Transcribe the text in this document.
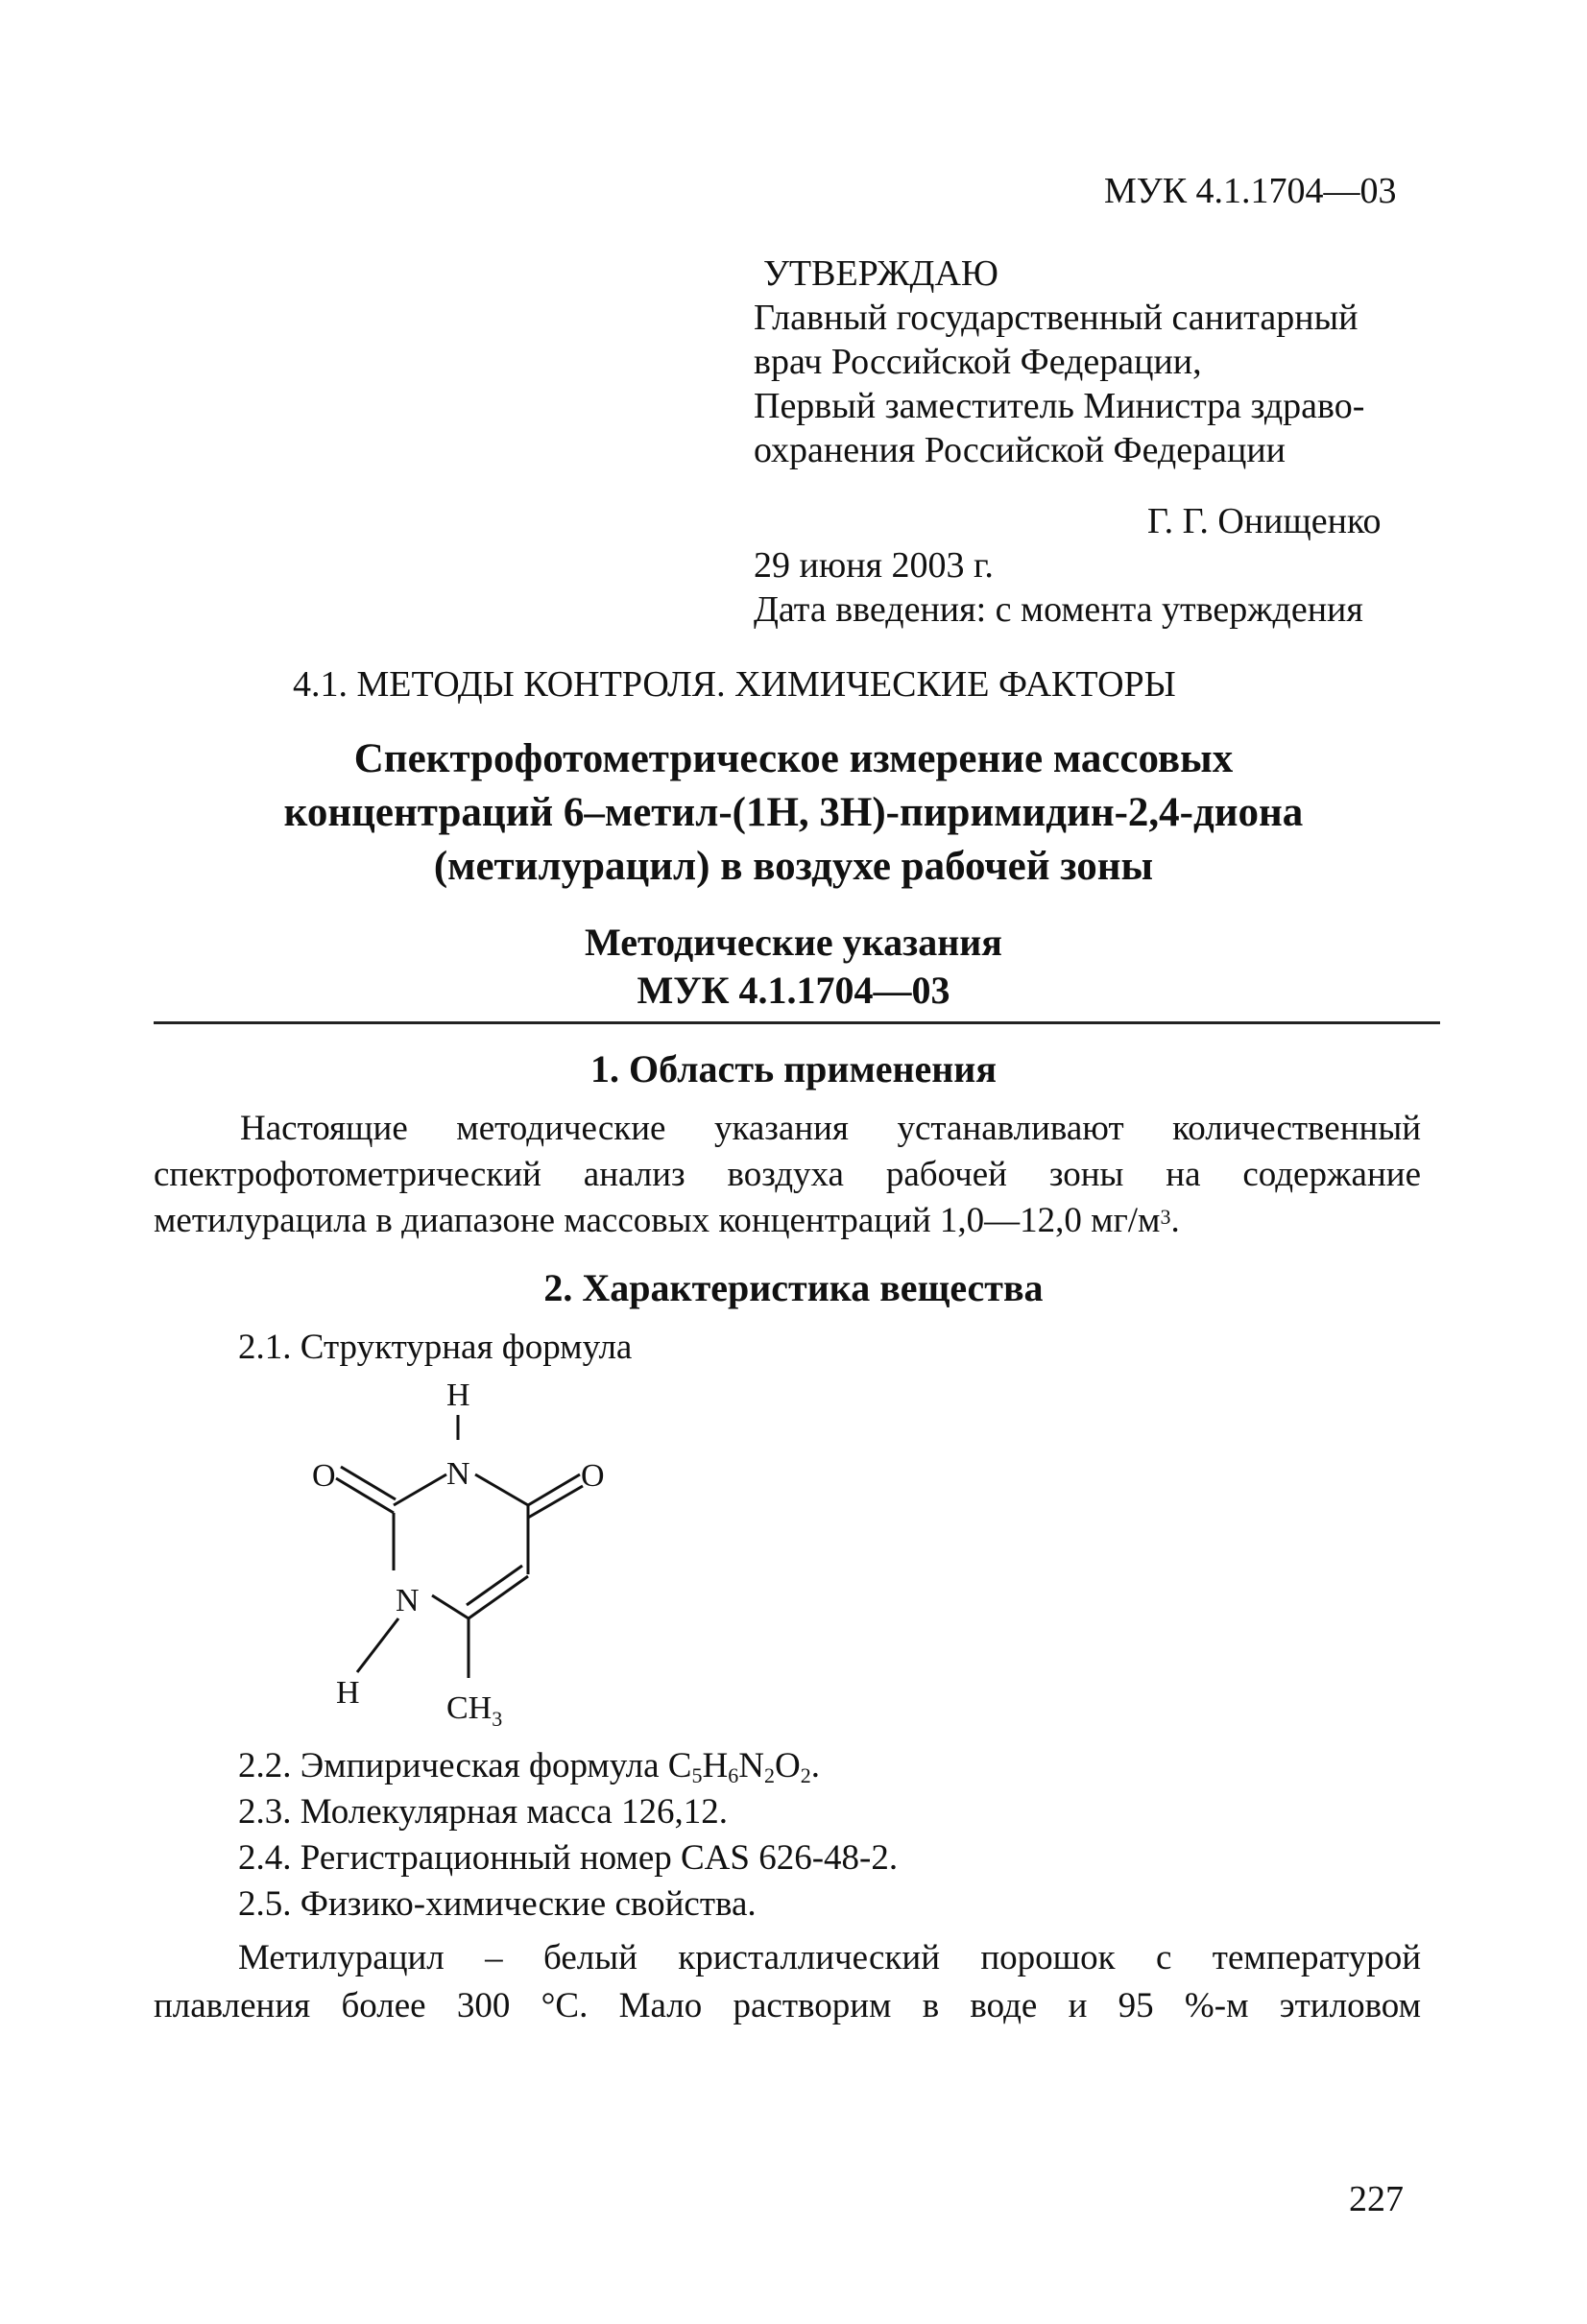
МУК 4.1.1704—03
УТВЕРЖДАЮ
Главный государственный санитарный
врач Российской Федерации,
Первый заместитель Министра здраво-
охранения Российской Федерации
Г. Г. Онищенко
29 июня 2003 г.
Дата введения: с момента утверждения
4.1. МЕТОДЫ КОНТРОЛЯ. ХИМИЧЕСКИЕ ФАКТОРЫ
Спектрофотометрическое измерение массовых
концентраций 6–метил-(1H, 3H)-пиримидин-2,4-диона
(метилурацил) в воздухе рабочей зоны
Методические указания
МУК 4.1.1704—03
1. Область применения
Настоящие методические указания устанавливают количественный
спектрофотометрический анализ воздуха рабочей зоны на содержание
метилурацила в диапазоне массовых концентраций 1,0—12,0 $мг/м^3$.
2. Характеристика вещества
2.1. Структурная формула
H
O	N	O
N
H	$CH_3$
2.2. Эмпирическая формула $C_5H_6N_2O_2$.
2.3. Молекулярная масса 126,12.
2.4. Регистрационный номер CAS 626-48-2.
2.5. Физико-химические свойства.
Метилурацил – белый кристаллический порошок с температурой
плавления более 300 °C. Мало растворим в воде и 95 %-м этиловом
227
